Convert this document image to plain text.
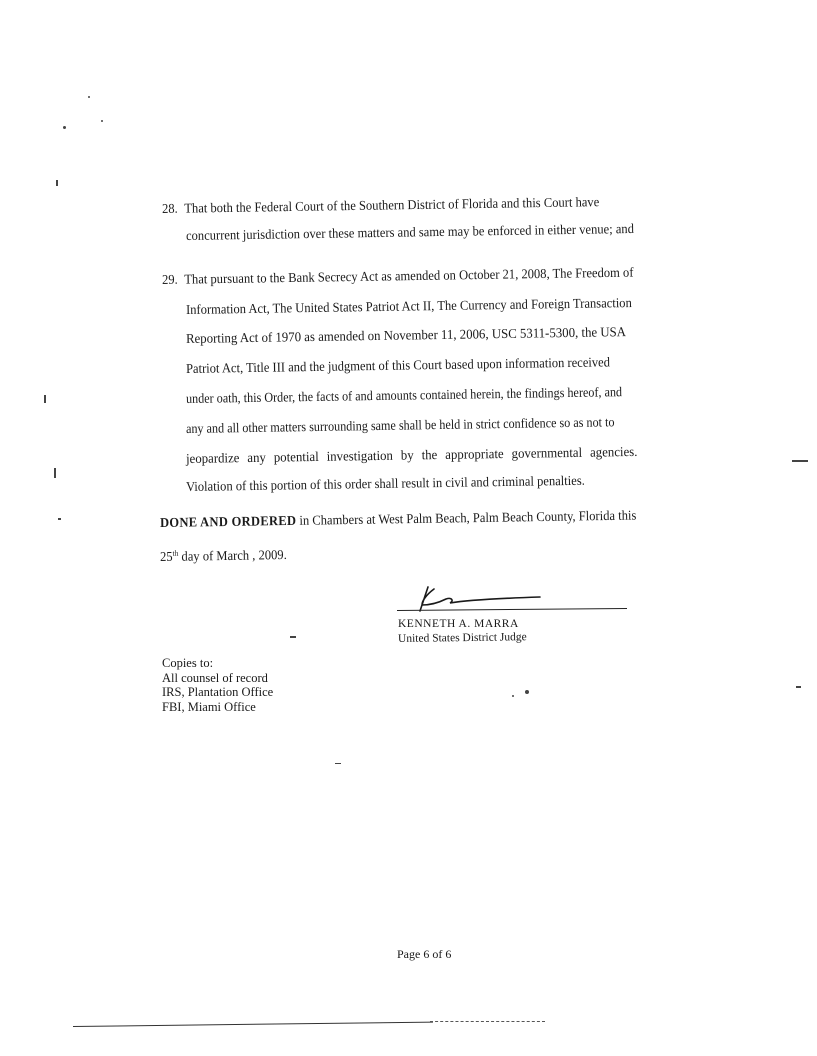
28. That both the Federal Court of the Southern District of Florida and this Court have
concurrent jurisdiction over these matters and same may be enforced in either venue; and
29. That pursuant to the Bank Secrecy Act as amended on October 21, 2008, The Freedom of
Information Act, The United States Patriot Act II, The Currency and Foreign Transaction
Reporting Act of 1970 as amended on November 11, 2006, USC 5311-5300, the USA
Patriot Act, Title III and the judgment of this Court based upon information received
under oath, this Order, the facts of and amounts contained herein, the findings hereof, and
any and all other matters surrounding same shall be held in strict confidence so as not to
jeopardize any potential investigation by the appropriate governmental agencies.
Violation of this portion of this order shall result in civil and criminal penalties.
DONE AND ORDERED in Chambers at West Palm Beach, Palm Beach County, Florida this
25th day of March , 2009.
KENNETH A. MARRA
United States District Judge
Copies to:
All counsel of record
IRS, Plantation Office
FBI, Miami Office
Page 6 of 6
